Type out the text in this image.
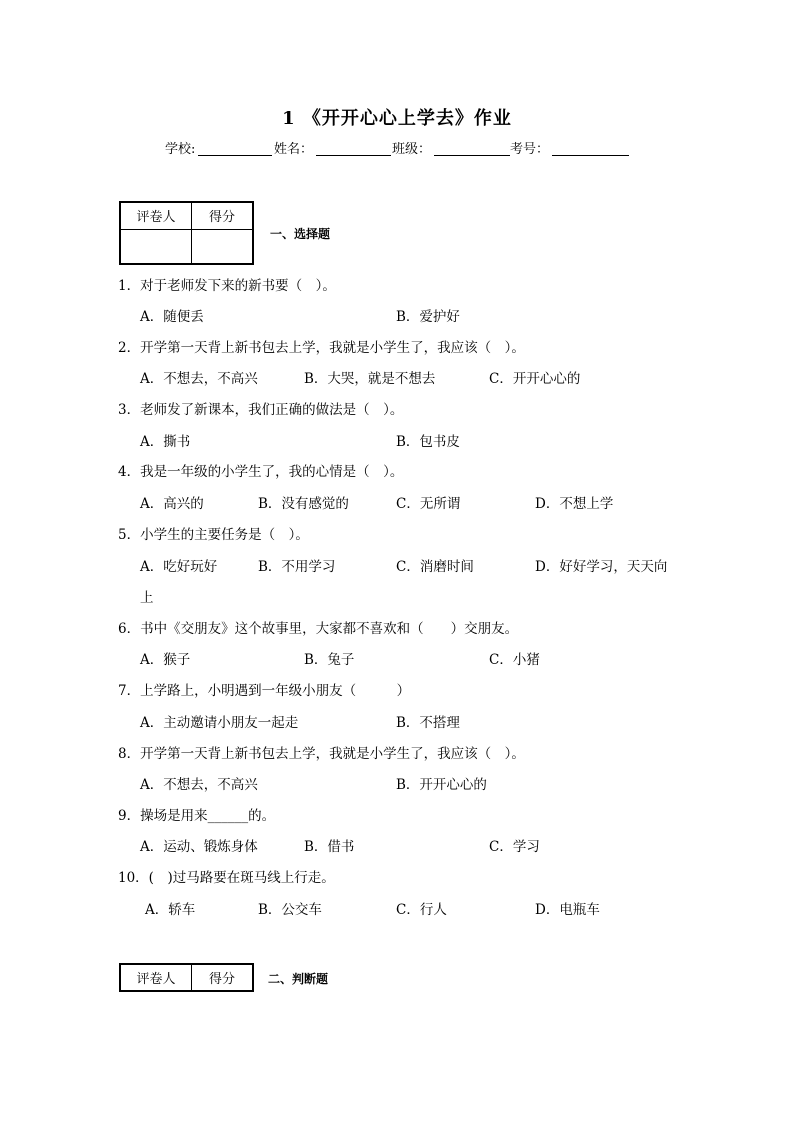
1 《开开心心上学去》作业
学校:	姓名：	班级：	考号：
评卷人	得分

一、选择题
1．对于老师发下来的新书要（　）。
A．随便丢	B．爱护好
2．开学第一天背上新书包去上学，我就是小学生了，我应该（　）。
A．不想去，不高兴	B．大哭，就是不想去	C．开开心心的
3．老师发了新课本，我们正确的做法是（　）。
A．撕书	B．包书皮
4．我是一年级的小学生了，我的心情是（　）。
A．高兴的	B．没有感觉的	C．无所谓	D．不想上学
5．小学生的主要任务是（　）。
A．吃好玩好	B．不用学习	C．消磨时间	D．好好学习，天天向
上
6．书中《交朋友》这个故事里，大家都不喜欢和（　　）交朋友。
A．猴子	B．兔子	C．小猪
7．上学路上，小明遇到一年级小朋友（　　　）
A．主动邀请小朋友一起走	B．不搭理
8．开学第一天背上新书包去上学，我就是小学生了，我应该（　）。
A．不想去，不高兴	B．开开心心的
9．操场是用来______的。
A．运动、锻炼身体	B．借书	C．学习
10．(　)过马路要在斑马线上行走。
A．轿车	B．公交车	C．行人	D．电瓶车
评卷人	得分	二、判断题
